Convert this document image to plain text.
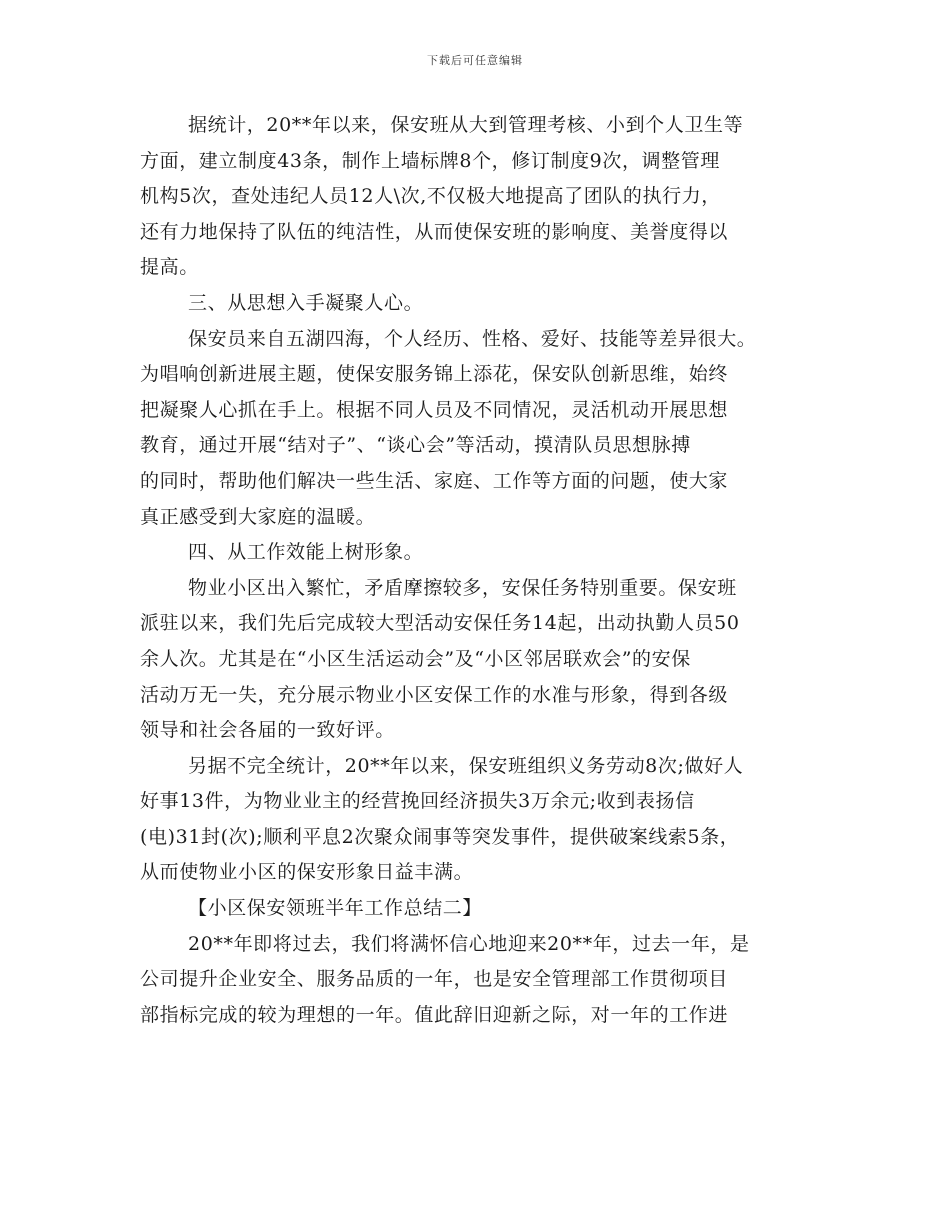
下载后可任意编辑
据统计，20**年以来，保安班从大到管理考核、小到个人卫生等
方面，建立制度43条，制作上墙标牌8个，修订制度9次，调整管理
机构5次，查处违纪人员12人\次,不仅极大地提高了团队的执行力，
还有力地保持了队伍的纯洁性，从而使保安班的影响度、美誉度得以
提高。
三、从思想入手凝聚人心。
保安员来自五湖四海，个人经历、性格、爱好、技能等差异很大。
为唱响创新进展主题，使保安服务锦上添花，保安队创新思维，始终
把凝聚人心抓在手上。根据不同人员及不同情况，灵活机动开展思想
教育，通过开展“结对子”、“谈心会”等活动，摸清队员思想脉搏
的同时，帮助他们解决一些生活、家庭、工作等方面的问题，使大家
真正感受到大家庭的温暖。
四、从工作效能上树形象。
物业小区出入繁忙，矛盾摩擦较多，安保任务特别重要。保安班
派驻以来，我们先后完成较大型活动安保任务14起，出动执勤人员50
余人次。尤其是在“小区生活运动会”及“小区邻居联欢会”的安保
活动万无一失，充分展示物业小区安保工作的水准与形象，得到各级
领导和社会各届的一致好评。
另据不完全统计，20**年以来，保安班组织义务劳动8次;做好人
好事13件，为物业业主的经营挽回经济损失3万余元;收到表扬信
(电)31封(次);顺利平息2次聚众闹事等突发事件，提供破案线索5条，
从而使物业小区的保安形象日益丰满。
【小区保安领班半年工作总结二】
20**年即将过去，我们将满怀信心地迎来20**年，过去一年，是
公司提升企业安全、服务品质的一年，也是安全管理部工作贯彻项目
部指标完成的较为理想的一年。值此辞旧迎新之际，对一年的工作进
